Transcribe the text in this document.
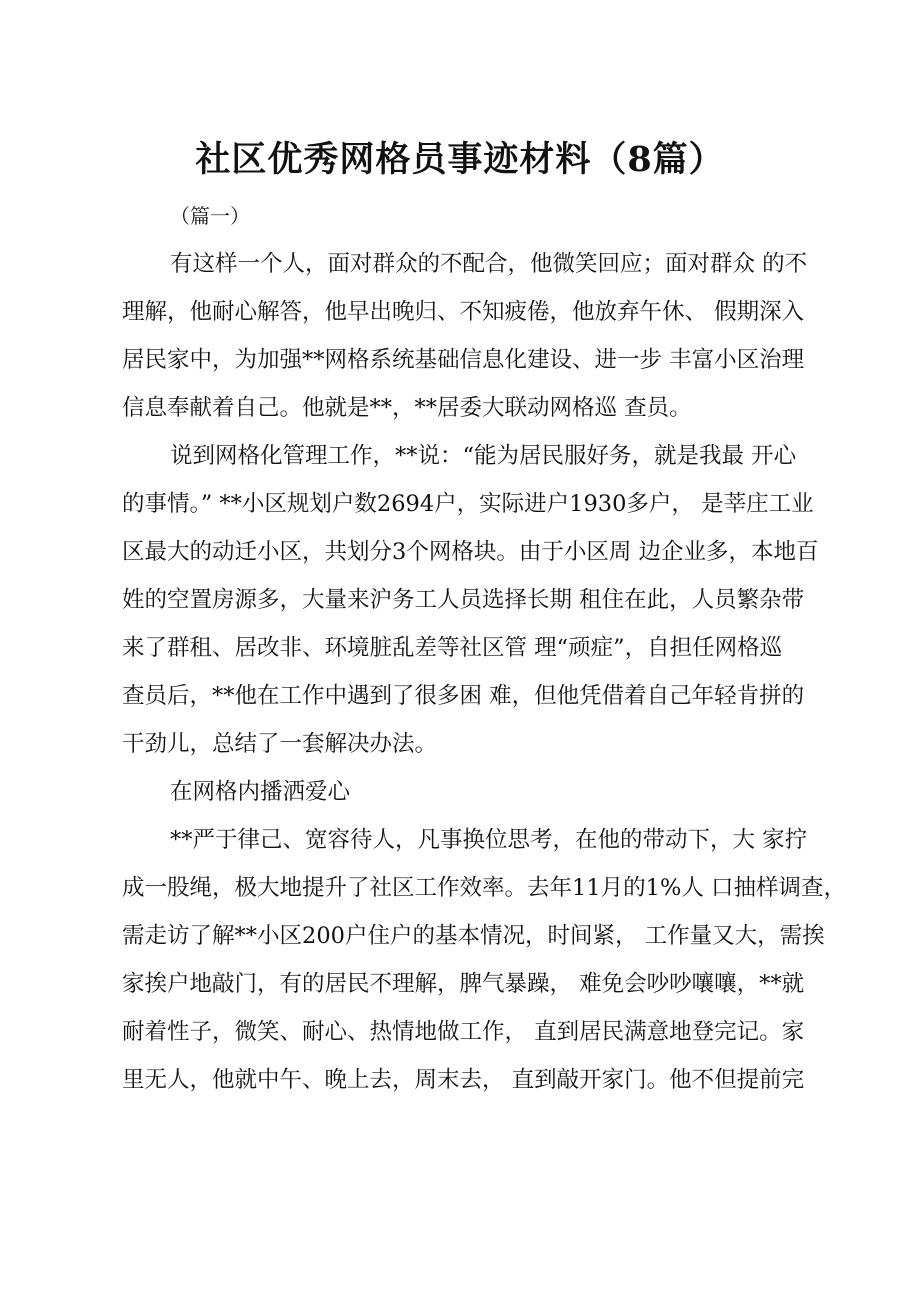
社区优秀网格员事迹材料（8篇）

（篇一）

有这样一个人，面对群众的不配合，他微笑回应；面对群众 的不
理解，他耐心解答，他早出晚归、不知疲倦，他放弃午休、 假期深入
居民家中，为加强**网格系统基础信息化建设、进一步 丰富小区治理
信息奉献着自己。他就是**，**居委大联动网格巡 查员。

说到网格化管理工作，**说：“能为居民服好务，就是我最 开心
的事情。” **小区规划户数2694户，实际进户1930多户， 是莘庄工业
区最大的动迁小区，共划分3个网格块。由于小区周 边企业多，本地百
姓的空置房源多，大量来沪务工人员选择长期 租住在此，人员繁杂带
来了群租、居改非、环境脏乱差等社区管 理“顽症”，自担任网格巡
查员后，**他在工作中遇到了很多困 难，但他凭借着自己年轻肯拼的
干劲儿，总结了一套解决办法。

在网格内播洒爱心

**严于律己、宽容待人，凡事换位思考，在他的带动下，大 家拧
成一股绳，极大地提升了社区工作效率。去年11月的1%人 口抽样调查，
需走访了解**小区200户住户的基本情况，时间紧， 工作量又大，需挨
家挨户地敲门，有的居民不理解，脾气暴躁， 难免会吵吵嚷嚷，**就
耐着性子，微笑、耐心、热情地做工作， 直到居民满意地登完记。家
里无人，他就中午、晚上去，周末去， 直到敲开家门。他不但提前完
